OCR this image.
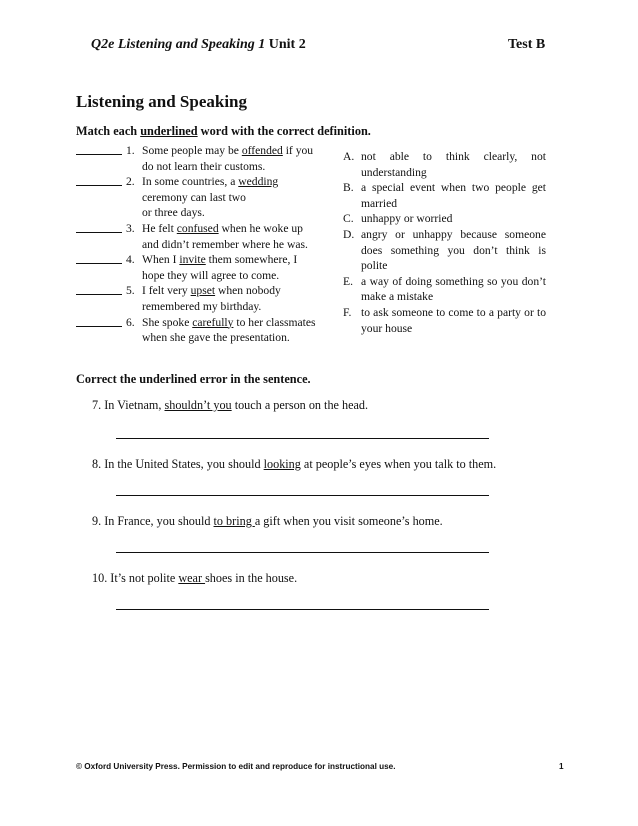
Q2e Listening and Speaking 1 Unit 2	Test B
Listening and Speaking
Match each underlined word with the correct definition.
1. Some people may be offended if you
do not learn their customs.
2. In some countries, a wedding
ceremony can last two or three days.
3. He felt confused when he woke up
and didn’t remember where he was.
4. When I invite them somewhere, I
hope they will agree to come.
5. I felt very upset when nobody
remembered my birthday.
6. She spoke carefully to her classmates
when she gave the presentation.
A. not able to think clearly, not understanding
B. a special event when two people get married
C. unhappy or worried
D. angry or unhappy because someone does something you don’t think is polite
E. a way of doing something so you don’t make a mistake
F. to ask someone to come to a party or to your house
Correct the underlined error in the sentence.
7. In Vietnam, shouldn’t you touch a person on the head.
8. In the United States, you should looking at people’s eyes when you talk to them.
9. In France, you should to bring a gift when you visit someone’s home.
10. It’s not polite wear shoes in the house.
© Oxford University Press. Permission to edit and reproduce for instructional use.	1
